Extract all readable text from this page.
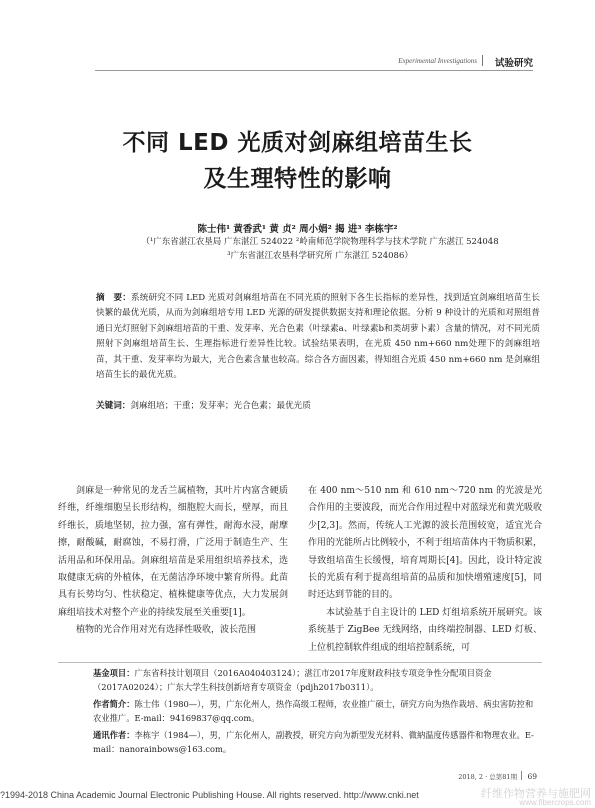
Experimental Investigations 试验研究
不同 LED 光质对剑麻组培苗生长
及生理特性的影响
陈士伟¹ 黄香武¹ 黄 贞² 周小娟² 揭 进³ 李栋宇²
（¹广东省湛江农垦局 广东湛江 524022 ²岭南师范学院物理科学与技术学院 广东湛江 524048
³广东省湛江农垦科学研究所 广东湛江 524086）
摘　要：系统研究不同 LED 光质对剑麻组培苗在不同光质的照射下各生长指标的差异性，找到适宜剑麻组培苗生长快繁的最优光质，从而为剑麻组培专用 LED 光源的研发提供数据支持和理论依据。分析 9 种设计的光质和对照组普通日光灯照射下剑麻组培苗的干重、发芽率、光合色素（叶绿素a、叶绿素b和类胡萝卜素）含量的情况，对不同光质照射下剑麻组培苗生长、生理指标进行差异性比较。试验结果表明，在光质 450 nm+660 nm处理下的剑麻组培苗，其干重、发芽率均为最大，光合色素含量也较高。综合各方面因素，得知组合光质 450 nm+660 nm 是剑麻组培苗生长的最优光质。
关键词：剑麻组培；干重；发芽率；光合色素；最优光质

剑麻是一种常见的龙舌兰属植物，其叶片内富含硬质纤维，纤维细胞呈长形结构，细胞腔大而长，壁厚，而且纤维长，质地坚韧，拉力强，富有弹性，耐海水浸，耐摩擦，耐酸碱，耐腐蚀，不易打滑，广泛用于制造生产、生活用品和环保用品。剑麻组培苗是采用组织培养技术，选取健康无病的外植体，在无菌洁净环境中繁育所得。此苗具有长势均匀、性状稳定、植株健康等优点，大力发展剑麻组培技术对整个产业的持续发展至关重要[1]。

植物的光合作用对光有选择性吸收，波长范围

在 400 nm～510 nm 和 610 nm～720 nm 的光波是光合作用的主要波段，而光合作用过程中对蓝绿光和黄光吸收少[2,3]。然而，传统人工光源的波长范围较宽，适宜光合作用的光能所占比例较小，不利于组培苗体内干物质积累，导致组培苗生长缓慢，培育周期长[4]。因此，设计特定波长的光质有利于提高组培苗的品质和加快增殖速度[5]，同时还达到节能的目的。

本试验基于自主设计的 LED 灯组培系统开展研究。该系统基于 ZigBee 无线网络，由终端控制器、LED 灯板、上位机控制软件组成的组培控制系统，可

基金项目：广东省科技计划项目（2016A040403124）；湛江市2017年度财政科技专项竞争性分配项目资金（2017A02024）；广东大学生科技创新培育专项资金（pdjh2017b0311）。
作者简介：陈士伟（1980—），男，广东化州人，热作高级工程师，农业推广硕士，研究方向为热作栽培、病虫害防控和农业推广。E-mail：94169837@qq.com。
通讯作者：李栋宇（1984—），男，广东化州人，副教授，研究方向为新型发光材料、微納温度传感器件和物理农业。E-mail：nanorainbows@163.com。
2018, 2 · 总第81期 69
?1994-2018 China Academic Journal Electronic Publishing House. All rights reserved. http://www.cnki.net	纤维作物营养与施肥网
www.fibercrops.com
